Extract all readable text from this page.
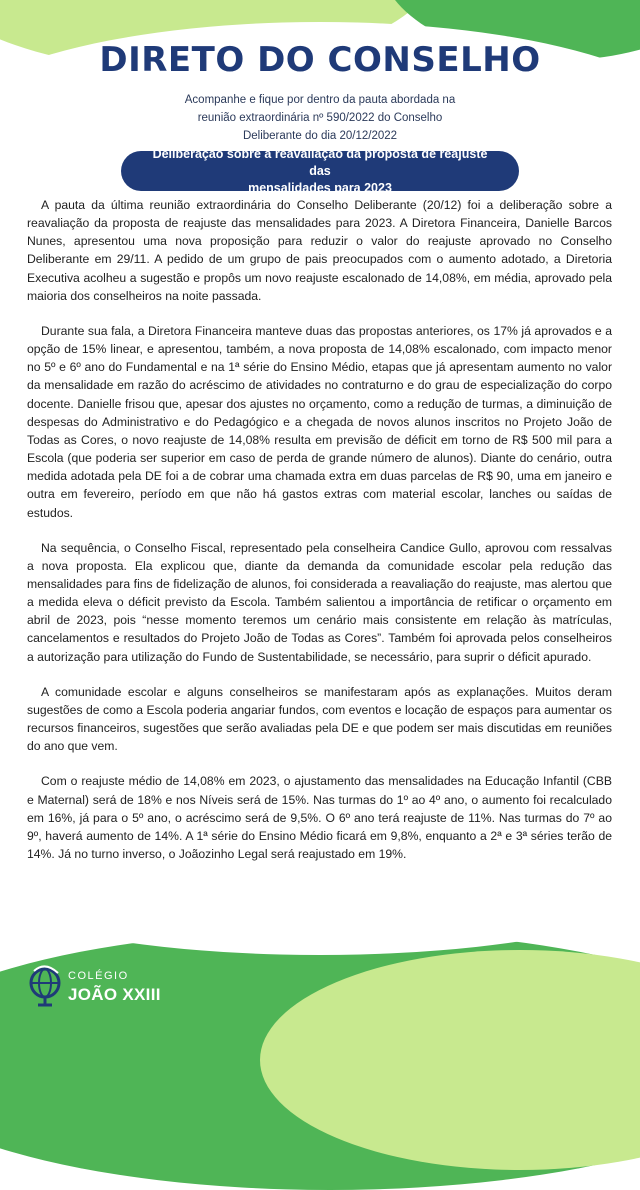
DIRETO DO CONSELHO
Acompanhe e fique por dentro da pauta abordada na
reunião extraordinária nº 590/2022 do Conselho
Deliberante do dia 20/12/2022
Deliberação sobre a reavaliação da proposta de reajuste das
mensalidades para 2023

A pauta da última reunião extraordinária do Conselho Deliberante (20/12) foi a deliberação sobre a reavaliação da proposta de reajuste das mensalidades para 2023. A Diretora Financeira, Danielle Barcos Nunes, apresentou uma nova proposição para reduzir o valor do reajuste aprovado no Conselho Deliberante em 29/11. A pedido de um grupo de pais preocupados com o aumento adotado, a Diretoria Executiva acolheu a sugestão e propôs um novo reajuste escalonado de 14,08%, em média, aprovado pela maioria dos conselheiros na noite passada.

Durante sua fala, a Diretora Financeira manteve duas das propostas anteriores, os 17% já aprovados e a opção de 15% linear, e apresentou, também, a nova proposta de 14,08% escalonado, com impacto menor no 5º e 6º ano do Fundamental e na 1ª série do Ensino Médio, etapas que já apresentam aumento no valor da mensalidade em razão do acréscimo de atividades no contraturno e do grau de especialização do corpo docente. Danielle frisou que, apesar dos ajustes no orçamento, como a redução de turmas, a diminuição de despesas do Administrativo e do Pedagógico e a chegada de novos alunos inscritos no Projeto João de Todas as Cores, o novo reajuste de 14,08% resulta em previsão de déficit em torno de R$ 500 mil para a Escola (que poderia ser superior em caso de perda de grande número de alunos). Diante do cenário, outra medida adotada pela DE foi a de cobrar uma chamada extra em duas parcelas de R$ 90, uma em janeiro e outra em fevereiro, período em que não há gastos extras com material escolar, lanches ou saídas de estudos.

Na sequência, o Conselho Fiscal, representado pela conselheira Candice Gullo, aprovou com ressalvas a nova proposta. Ela explicou que, diante da demanda da comunidade escolar pela redução das mensalidades para fins de fidelização de alunos, foi considerada a reavaliação do reajuste, mas alertou que a medida eleva o déficit previsto da Escola. Também salientou a importância de retificar o orçamento em abril de 2023, pois “nesse momento teremos um cenário mais consistente em relação às matrículas, cancelamentos e resultados do Projeto João de Todas as Cores”. Também foi aprovada pelos conselheiros a autorização para utilização do Fundo de Sustentabilidade, se necessário, para suprir o déficit apurado.

A comunidade escolar e alguns conselheiros se manifestaram após as explanações. Muitos deram sugestões de como a Escola poderia angariar fundos, com eventos e locação de espaços para aumentar os recursos financeiros, sugestões que serão avaliadas pela DE e que podem ser mais discutidas em reuniões do ano que vem.

Com o reajuste médio de 14,08% em 2023, o ajustamento das mensalidades na Educação Infantil (CBB e Maternal) será de 18% e nos Níveis será de 15%. Nas turmas do 1º ao 4º ano, o aumento foi recalculado em 16%, já para o 5º ano, o acréscimo será de 9,5%. O 6º ano terá reajuste de 11%. Nas turmas do 7º ao 9º, haverá aumento de 14%. A 1ª série do Ensino Médio ficará em 9,8%, enquanto a 2ª e 3ª séries terão de 14%. Já no turno inverso, o Joãozinho Legal será reajustado em 19%.

COLÉGIO
JOÃO XXIII
